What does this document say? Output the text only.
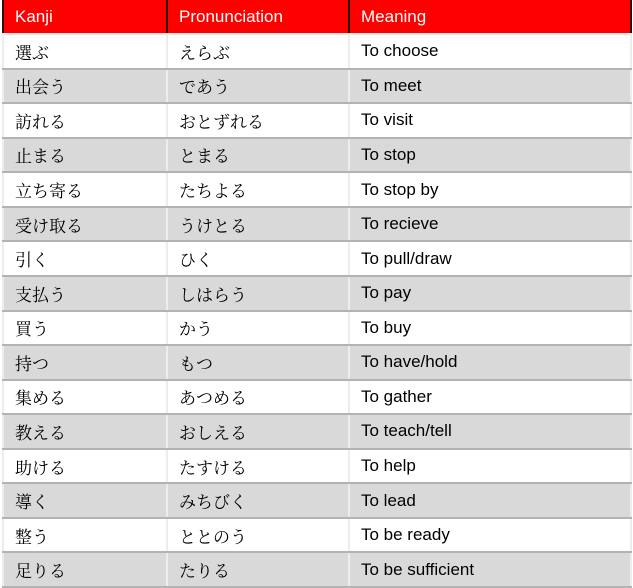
Kanji	Pronunciation	Meaning
選ぶ	えらぶ	To choose
出会う	であう	To meet
訪れる	おとずれる	To visit
止まる	とまる	To stop
立ち寄る	たちよる	To stop by
受け取る	うけとる	To recieve
引く	ひく	To pull/draw
支払う	しはらう	To pay
買う	かう	To buy
持つ	もつ	To have/hold
集める	あつめる	To gather
教える	おしえる	To teach/tell
助ける	たすける	To help
導く	みちびく	To lead
整う	ととのう	To be ready
足りる	たりる	To be sufficient
